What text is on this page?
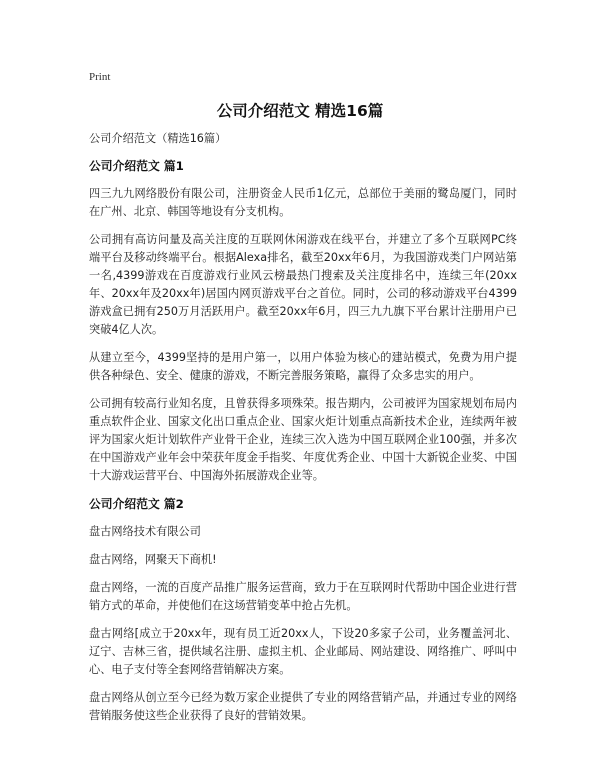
Print
公司介绍范文 精选16篇

公司介绍范文（精选16篇）

公司介绍范文 篇1

四三九九网络股份有限公司，注册资金人民币1亿元，总部位于美丽的鹭岛厦门，同时在广州、北京、韩国等地设有分支机构。

公司拥有高访问量及高关注度的互联网休闲游戏在线平台，并建立了多个互联网PC终端平台及移动终端平台。根据Alexa排名，截至20xx年6月，为我国游戏类门户网站第一名,4399游戏在百度游戏行业风云榜最热门搜索及关注度排名中，连续三年(20xx年、20xx年及20xx年)居国内网页游戏平台之首位。同时，公司的移动游戏平台4399游戏盒已拥有250万月活跃用户。截至20xx年6月，四三九九旗下平台累计注册用户已突破4亿人次。

从建立至今，4399坚持的是用户第一，以用户体验为核心的建站模式，免费为用户提供各种绿色、安全、健康的游戏，不断完善服务策略，赢得了众多忠实的用户。

公司拥有较高行业知名度，且曾获得多项殊荣。报告期内，公司被评为国家规划布局内重点软件企业、国家文化出口重点企业、国家火炬计划重点高新技术企业，连续两年被评为国家火炬计划软件产业骨干企业，连续三次入选为中国互联网企业100强，并多次在中国游戏产业年会中荣获年度金手指奖、年度优秀企业、中国十大新锐企业奖、中国十大游戏运营平台、中国海外拓展游戏企业等。

公司介绍范文 篇2

盘古网络技术有限公司

盘古网络，网聚天下商机!

盘古网络，一流的百度产品推广服务运营商，致力于在互联网时代帮助中国企业进行营销方式的革命，并使他们在这场营销变革中抢占先机。

盘古网络[成立于20xx年，现有员工近20xx人，下设20多家子公司，业务覆盖河北、辽宁、吉林三省，提供域名注册、虚拟主机、企业邮局、网站建设、网络推广、呼叫中心、电子支付等全套网络营销解决方案。

盘古网络从创立至今已经为数万家企业提供了专业的网络营销产品，并通过专业的网络营销服务使这些企业获得了良好的营销效果。
